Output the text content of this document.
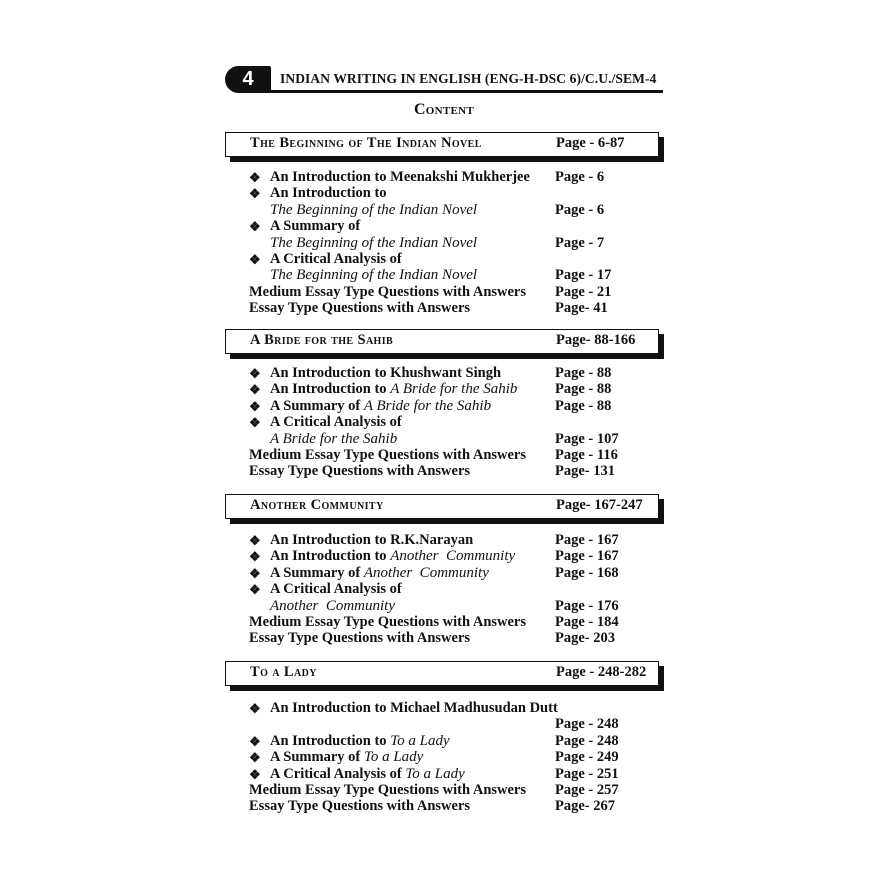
4	INDIAN WRITING IN ENGLISH (ENG-H-DSC 6)/C.U./SEM-4
Content
The Beginning of The Indian Novel	Page - 6-87
❖ An Introduction to Meenakshi Mukherjee Page - 6
❖ An Introduction to
The Beginning of the Indian Novel	Page - 6
❖ A Summary of
The Beginning of the Indian Novel	Page - 7
❖ A Critical Analysis of
The Beginning of the Indian Novel	Page - 17
Medium Essay Type Questions with Answers Page - 21
Essay Type Questions with Answers	Page- 41
A Bride for the Sahib	Page- 88-166
❖ An Introduction to Khushwant Singh	Page - 88
❖ An Introduction to A Bride for the Sahib	Page - 88
❖ A Summary of A Bride for the Sahib	Page - 88
❖ A Critical Analysis of
A Bride for the Sahib	Page - 107
Medium Essay Type Questions with Answers Page - 116
Essay Type Questions with Answers	Page- 131
Another Community	Page- 167-247
❖ An Introduction to R.K.Narayan	Page - 167
❖ An Introduction to Another  Community	Page - 167
❖ A Summary of Another  Community	Page - 168
❖ A Critical Analysis of
Another  Community	Page - 176
Medium Essay Type Questions with Answers Page - 184
Essay Type Questions with Answers	Page- 203
To a Lady	Page - 248-282
❖ An Introduction to Michael Madhusudan Dutt
Page - 248
❖ An Introduction to To a Lady	Page - 248
❖ A Summary of To a Lady	Page - 249
❖ A Critical Analysis of To a Lady	Page - 251
Medium Essay Type Questions with Answers Page - 257
Essay Type Questions with Answers	Page- 267
